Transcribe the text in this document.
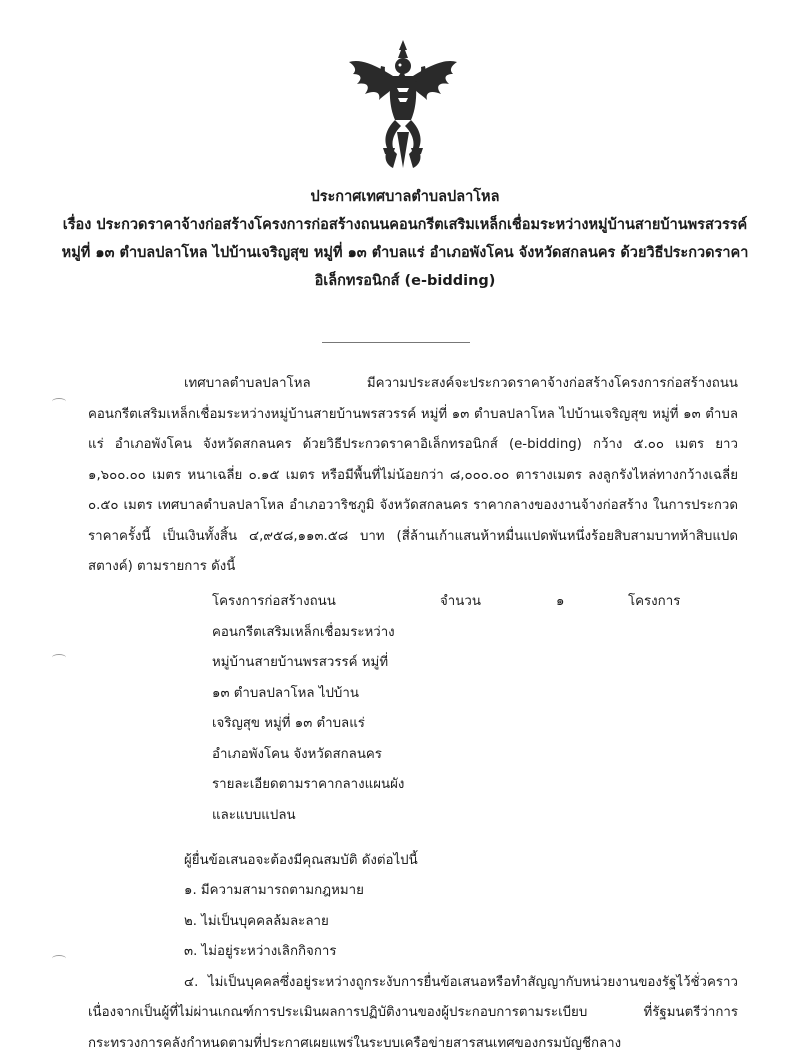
ประกาศเทศบาลตำบลปลาโหล
เรื่อง ประกวดราคาจ้างก่อสร้างโครงการก่อสร้างถนนคอนกรีตเสริมเหล็กเชื่อมระหว่างหมู่บ้านสายบ้านพรสวรรค์ หมู่ที่ ๑๓ ตำบลปลาโหล ไปบ้านเจริญสุข หมู่ที่ ๑๓ ตำบลแร่ อำเภอพังโคน จังหวัดสกลนคร ด้วยวิธีประกวดราคาอิเล็กทรอนิกส์ (e-bidding)
เทศบาลตำบลปลาโหล มีความประสงค์จะประกวดราคาจ้างก่อสร้างโครงการก่อสร้างถนนคอนกรีตเสริมเหล็กเชื่อมระหว่างหมู่บ้านสายบ้านพรสวรรค์ หมู่ที่ ๑๓ ตำบลปลาโหล ไปบ้านเจริญสุข หมู่ที่ ๑๓ ตำบลแร่ อำเภอพังโคน จังหวัดสกลนคร ด้วยวิธีประกวดราคาอิเล็กทรอนิกส์ (e-bidding) กว้าง ๕.๐๐ เมตร ยาว ๑,๖๐๐.๐๐ เมตร หนาเฉลี่ย ๐.๑๕ เมตร หรือมีพื้นที่ไม่น้อยกว่า ๘,๐๐๐.๐๐ ตารางเมตร ลงลูกรังไหล่ทางกว้างเฉลี่ย ๐.๕๐ เมตร เทศบาลตำบลปลาโหล อำเภอวาริชภูมิ จังหวัดสกลนคร ราคากลางของงานจ้างก่อสร้าง ในการประกวดราคาครั้งนี้ เป็นเงินทั้งสิ้น ๔,๙๕๘,๑๑๓.๕๘ บาท (สี่ล้านเก้าแสนห้าหมื่นแปดพันหนึ่งร้อยสิบสามบาทห้าสิบแปดสตางค์) ตามรายการ ดังนี้
โครงการก่อสร้างถนน
คอนกรีตเสริมเหล็กเชื่อมระหว่าง
หมู่บ้านสายบ้านพรสวรรค์ หมู่ที่
๑๓ ตำบลปลาโหล ไปบ้าน
เจริญสุข หมู่ที่ ๑๓ ตำบลแร่
อำเภอพังโคน จังหวัดสกลนคร
รายละเอียดตามราคากลางแผนผัง
และแบบแปลน
จำนวน	๑	โครงการ
ผู้ยื่นข้อเสนอจะต้องมีคุณสมบัติ ดังต่อไปนี้
๑. มีความสามารถตามกฎหมาย
๒. ไม่เป็นบุคคลล้มละลาย
๓. ไม่อยู่ระหว่างเลิกกิจการ
๔. ไม่เป็นบุคคลซึ่งอยู่ระหว่างถูกระงับการยื่นข้อเสนอหรือทำสัญญากับหน่วยงานของรัฐไว้ชั่วคราว เนื่องจากเป็นผู้ที่ไม่ผ่านเกณฑ์การประเมินผลการปฏิบัติงานของผู้ประกอบการตามระเบียบ ที่รัฐมนตรีว่าการกระทรวงการคลังกำหนดตามที่ประกาศเผยแพร่ในระบบเครือข่ายสารสนเทศของกรมบัญชีกลาง
